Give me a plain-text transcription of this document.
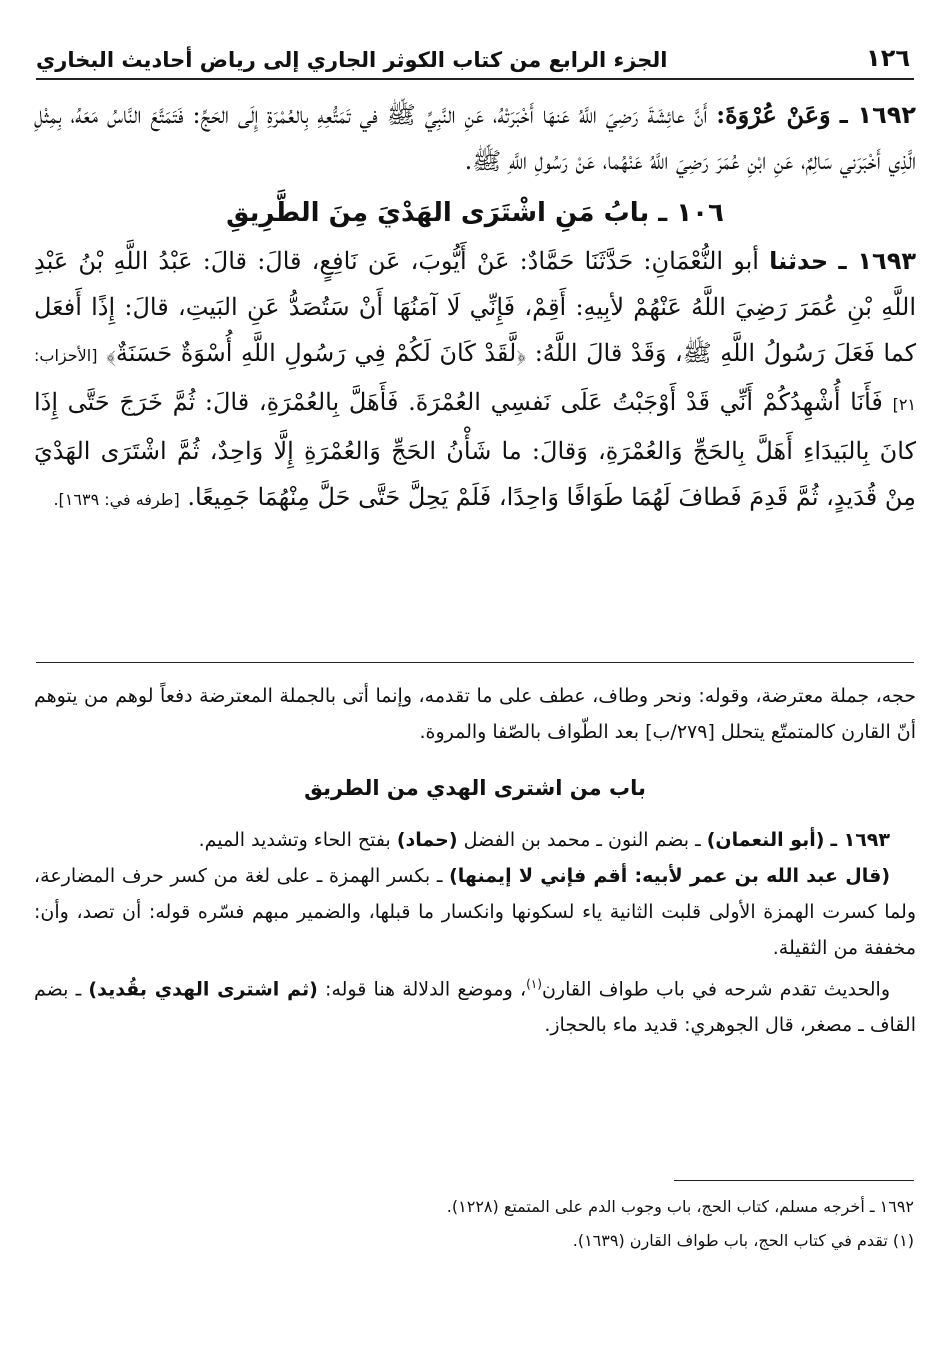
١٢٦
الجزء الرابع من كتاب الكوثر الجاري إلى رياض أحاديث البخاري

١٦٩٢ ـ وَعَنْ عُرْوَةَ: أَنَّ عائِشَةَ رَضِيَ اللَّهُ عَنهَا أَخْبَرَتْهُ، عَنِ النَّبِيِّ ﷺ في تَمَتُّعِهِ بِالعُمْرَةِ إِلَى الحَجِّ: فَتَمَتَّعَ النَّاسُ مَعَهُ، بِمِثْلِ الَّذِي أَخْبَرَني سَالِمٌ، عَنِ ابْنِ عُمَرَ رَضِيَ اللَّهُ عَنْهُما، عَنْ رَسُولِ اللَّهِ ﷺ.

١٠٦ ـ بابُ مَنِ اشْتَرَى الهَدْيَ مِنَ الطَّرِيقِ

١٦٩٣ ـ حدثنا أبو النُّعْمَانِ: حَدَّثَنَا حَمَّادٌ: عَنْ أَيُّوبَ، عَن نَافِعٍ، قالَ: قالَ: عَبْدُ اللَّهِ بْنُ عَبْدِ اللَّهِ بْنِ عُمَرَ رَضِيَ اللَّهُ عَنْهُمْ لأبِيهِ: أَقِمْ، فَإِنِّي لَا آمَنُهَا أَنْ سَتُصَدُّ عَنِ البَيتِ، قالَ: إِذًا أَفعَل كما فَعَلَ رَسُولُ اللَّهِ ﷺ، وَقَدْ قالَ اللَّهُ: ﴿لَّقَدْ كَانَ لَكُمْ فِي رَسُولِ اللَّهِ أُسْوَةٌ حَسَنَةٌ﴾ [الأحزاب: ٢١] فَأَنَا أُشْهِدُكُمْ أَنِّي قَدْ أَوْجَبْتُ عَلَى نَفسِي العُمْرَةَ. فَأَهَلَّ بِالعُمْرَةِ، قالَ: ثُمَّ خَرَجَ حَتَّى إِذَا كانَ بِالبَيدَاءِ أَهَلَّ بِالحَجِّ وَالعُمْرَةِ، وَقالَ: ما شَأْنُ الحَجِّ وَالعُمْرَةِ إِلَّا وَاحِدٌ، ثُمَّ اشْتَرَى الهَدْيَ مِنْ قُدَيدٍ، ثُمَّ قَدِمَ فَطافَ لَهُمَا طَوَافًا وَاحِدًا، فَلَمْ يَحِلَّ حَتَّى حَلَّ مِنْهُمَا جَمِيعًا. [طرفه في: ١٦٣٩].

حجه، جملة معترضة، وقوله: ونحر وطاف، عطف على ما تقدمه، وإنما أتى بالجملة المعترضة دفعاً لوهم من يتوهم أنّ القارن كالمتمتّع يتحلل [٢٧٩/ب] بعد الطّواف بالصّفا والمروة.

باب من اشترى الهدي من الطريق

١٦٩٣ ـ (أبو النعمان) ـ بضم النون ـ محمد بن الفضل (حماد) بفتح الحاء وتشديد الميم.

(قال عبد الله بن عمر لأبيه: أقم فإني لا إيمنها) ـ بكسر الهمزة ـ على لغة من كسر حرف المضارعة، ولما كسرت الهمزة الأولى قلبت الثانية ياء لسكونها وانكسار ما قبلها، والضمير مبهم فسّره قوله: أن تصد، وأن: مخففة من الثقيلة.

والحديث تقدم شرحه في باب طواف القارن$^{(١)}$، وموضع الدلالة هنا قوله: (ثم اشترى الهدي بقُديد) ـ بضم القاف ـ مصغر، قال الجوهري: قديد ماء بالحجاز.

١٦٩٢ ـ أخرجه مسلم، كتاب الحج، باب وجوب الدم على المتمتع (١٢٢٨).

(١) تقدم في كتاب الحج، باب طواف القارن (١٦٣٩).
